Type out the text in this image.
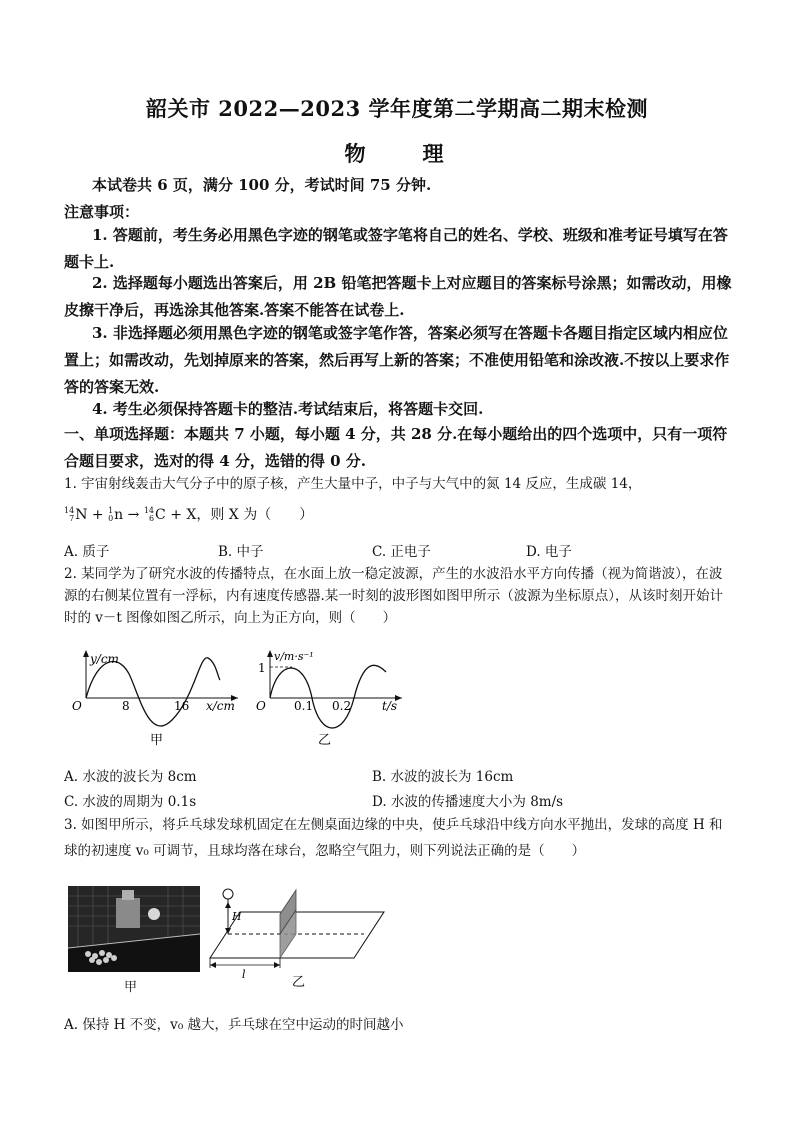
韶关市 2022—2023 学年度第二学期高二期末检测
物　理
本试卷共 6 页，满分 100 分，考试时间 75 分钟.
注意事项：
1. 答题前，考生务必用黑色字迹的钢笔或签字笔将自己的姓名、学校、班级和准考证号填写在答题卡上.
2. 选择题每小题选出答案后，用 2B 铅笔把答题卡上对应题目的答案标号涂黑；如需改动，用橡皮擦干净后，再选涂其他答案.答案不能答在试卷上.
3. 非选择题必须用黑色字迹的钢笔或签字笔作答，答案必须写在答题卡各题目指定区域内相应位置上；如需改动，先划掉原来的答案，然后再写上新的答案；不准使用铅笔和涂改液.不按以上要求作答的答案无效.
4. 考生必须保持答题卡的整洁.考试结束后，将答题卡交回.
一、单项选择题：本题共 7 小题，每小题 4 分，共 28 分.在每小题给出的四个选项中，只有一项符合题目要求，选对的得 4 分，选错的得 0 分.
1. 宇宙射线轰击大气分子中的原子核，产生大量中子，中子与大气中的氮 14 反应，生成碳 14，
14
7N + 1
0n → 14
6C + X，则 X 为（　　）
A. 质子	B. 中子	C. 正电子	D. 电子
2. 某同学为了研究水波的传播特点，在水面上放一稳定波源，产生的水波沿水平方向传播（视为简谐波），在波源的右侧某位置有一浮标，内有速度传感器.某一时刻的波形图如图甲所示（波源为坐标原点），从该时刻开始计时的 v－t 图像如图乙所示，向上为正方向，则（　　）
y/cm
O	8	16 x/cm
甲
1
v/m·s⁻¹
O 0.1 0.2	t/s
乙
A. 水波的波长为 8cm	B. 水波的波长为 16cm
C. 水波的周期为 0.1s	D. 水波的传播速度大小为 8m/s
3. 如图甲所示，将乒乓球发球机固定在左侧桌面边缘的中央，使乒乓球沿中线方向水平抛出，发球的高度 H 和球的初速度 v₀ 可调节，且球均落在球台，忽略空气阻力，则下列说法正确的是（　　）
甲
H
l
乙
A. 保持 H 不变，v₀ 越大，乒乓球在空中运动的时间越小
